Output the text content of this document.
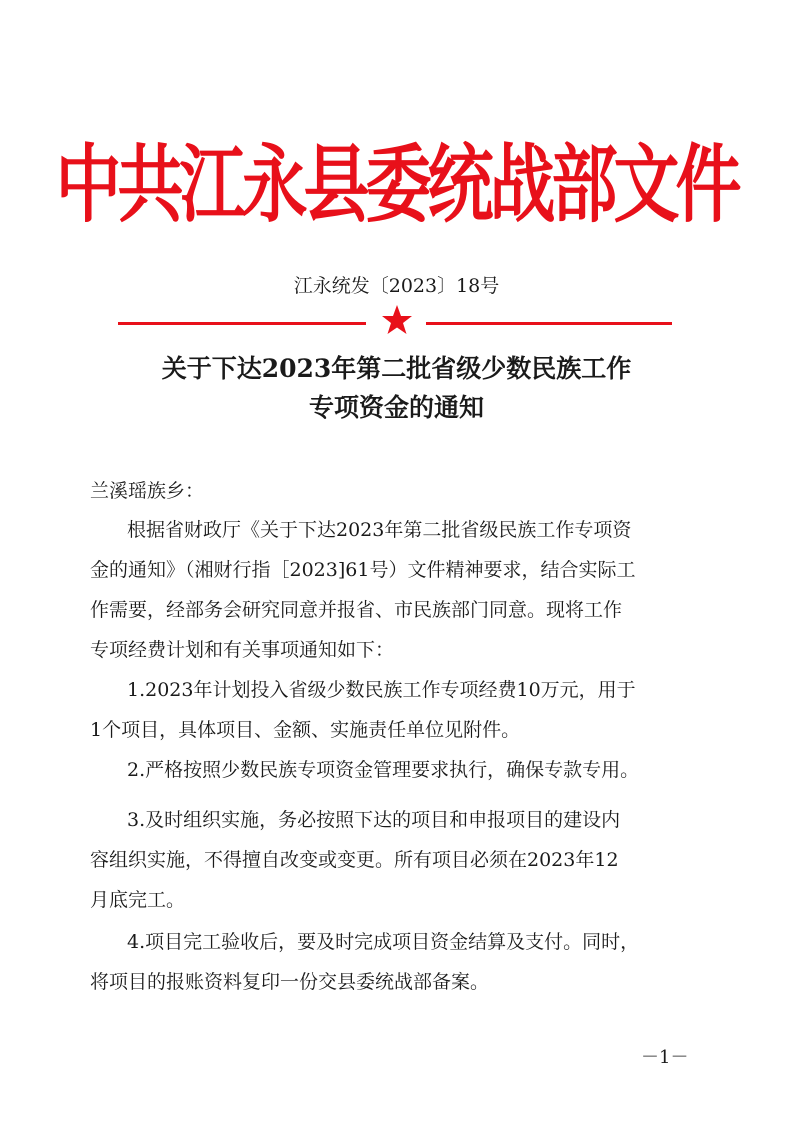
中共江永县委统战部文件
江永统发〔2023〕18号
关于下达2023年第二批省级少数民族工作
专项资金的通知
兰溪瑶族乡：
根据省财政厅《关于下达2023年第二批省级民族工作专项资
金的通知》（湘财行指［2023]61号）文件精神要求，结合实际工
作需要，经部务会研究同意并报省、市民族部门同意。现将工作
专项经费计划和有关事项通知如下：
1.2023年计划投入省级少数民族工作专项经费10万元，用于
1个项目，具体项目、金额、实施责任单位见附件。
2.严格按照少数民族专项资金管理要求执行，确保专款专用。
3.及时组织实施，务必按照下达的项目和申报项目的建设内
容组织实施，不得擅自改变或变更。所有项目必须在2023年12
月底完工。
4.项目完工验收后，要及时完成项目资金结算及支付。同时，
将项目的报账资料复印一份交县委统战部备案。
－1－
